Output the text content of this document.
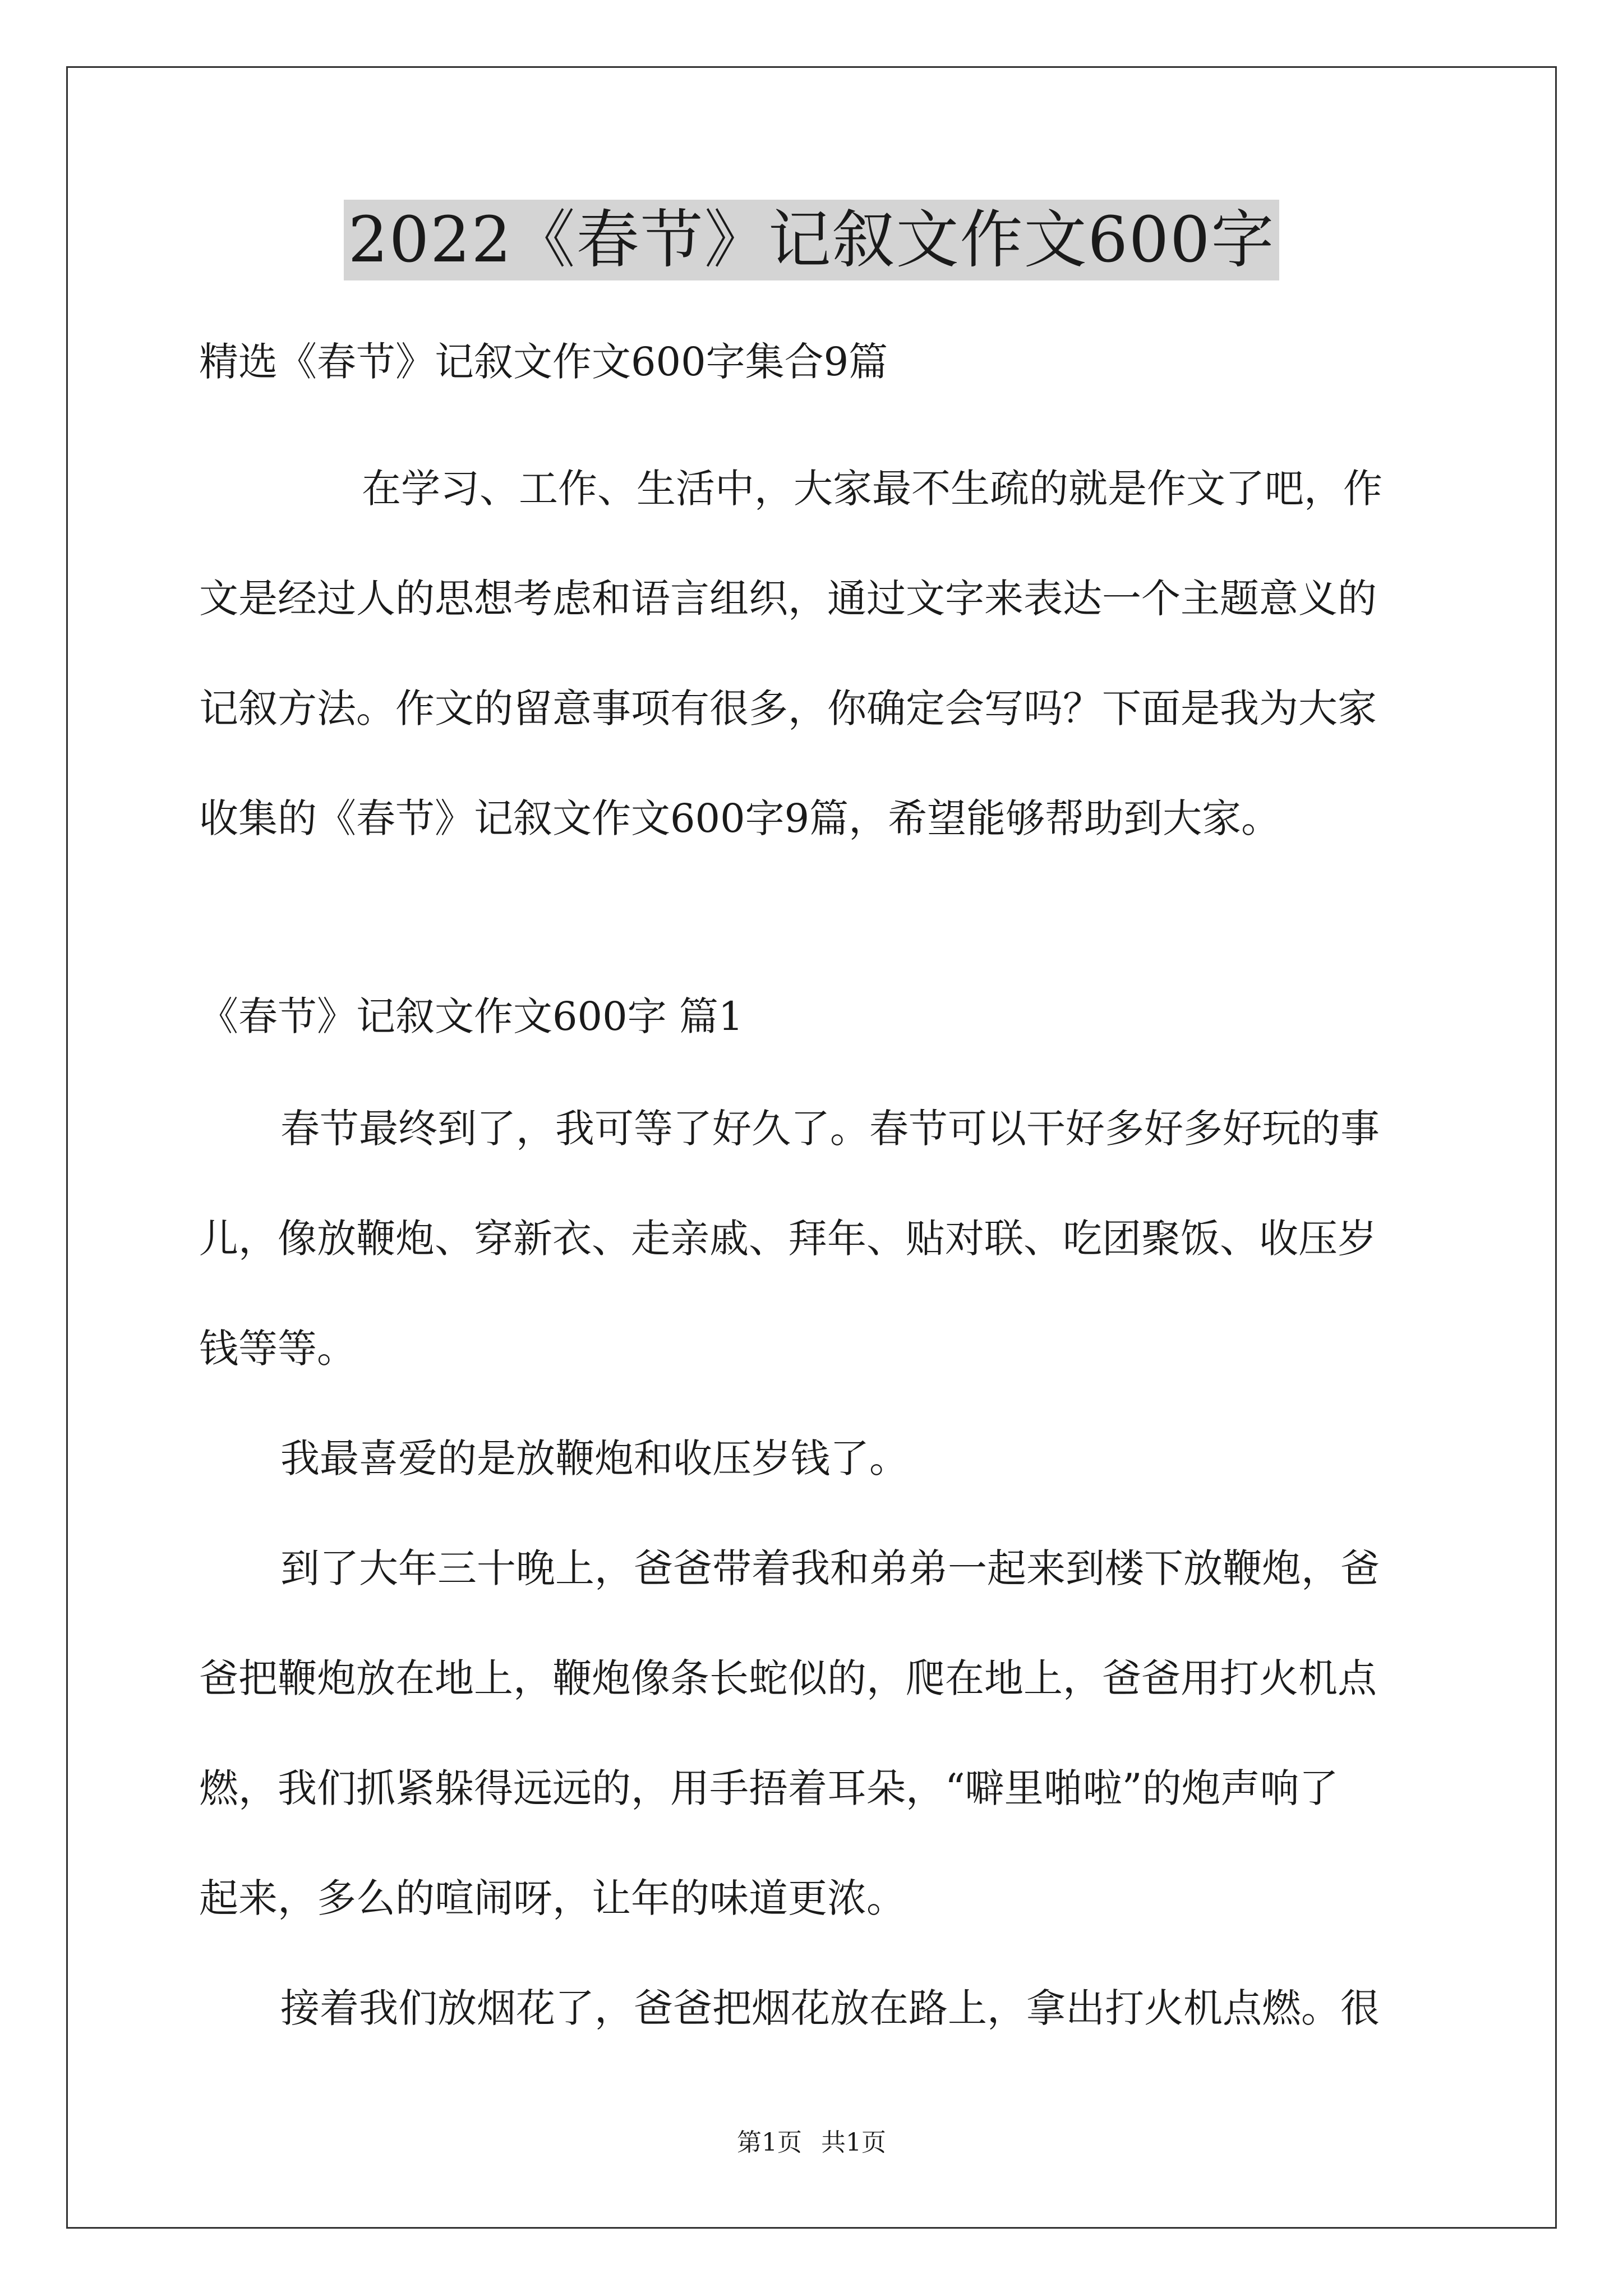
2022《春节》记叙文作文600字
精选《春节》记叙文作文600字集合9篇
在学习、工作、生活中，大家最不生疏的就是作文了吧，作
文是经过人的思想考虑和语言组织，通过文字来表达一个主题意义的
记叙方法。作文的留意事项有很多，你确定会写吗？下面是我为大家
收集的《春节》记叙文作文600字9篇，希望能够帮助到大家。
《春节》记叙文作文600字 篇1
春节最终到了，我可等了好久了。春节可以干好多好多好玩的事
儿，像放鞭炮、穿新衣、走亲戚、拜年、贴对联、吃团聚饭、收压岁
钱等等。
我最喜爱的是放鞭炮和收压岁钱了。
到了大年三十晚上，爸爸带着我和弟弟一起来到楼下放鞭炮，爸
爸把鞭炮放在地上，鞭炮像条长蛇似的，爬在地上，爸爸用打火机点
燃，我们抓紧躲得远远的，用手捂着耳朵，“噼里啪啦”的炮声响了
起来，多么的喧闹呀，让年的味道更浓。
接着我们放烟花了，爸爸把烟花放在路上，拿出打火机点燃。很
第1页 共1页
